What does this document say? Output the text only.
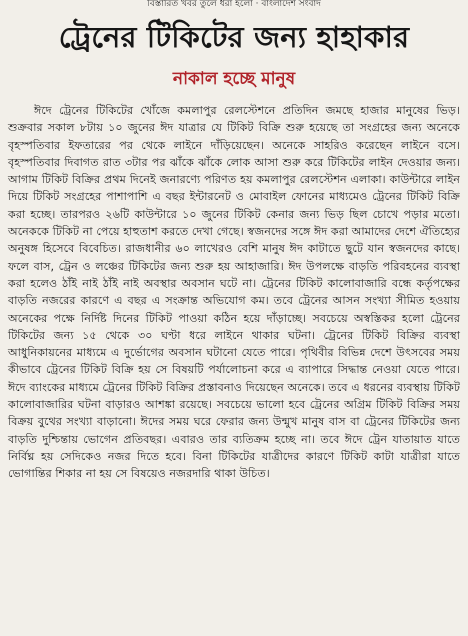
বিস্তারিত খবর তুলে ধরা হলো · বাংলাদেশ সংবাদ
ট্রেনের টিকিটের জন্য হাহাকার
নাকাল হচ্ছে মানুষ

ঈদে ট্রেনের টিকিটের খোঁজে কমলাপুর রেলস্টেশনে প্রতিদিন জমছে হাজার মানুষের ভিড়। শুক্রবার সকাল ৮টায় ১০ জুনের ঈদ যাত্রার যে টিকিট বিক্রি শুরু হয়েছে তা সংগ্রহের জন্য অনেকে বৃহস্পতিবার ইফতারের পর থেকে লাইনে দাঁড়িয়েছেন। অনেকে সাহরিও করেছেন লাইনে বসে। বৃহস্পতিবার দিবাগত রাত ৩টার পর ঝাঁকে ঝাঁকে লোক আসা শুরু করে টিকিটের লাইন দেওয়ার জন্য। আগাম টিকিট বিক্রির প্রথম দিনেই জনারণ্যে পরিণত হয় কমলাপুর রেলস্টেশন এলাকা। কাউন্টারে লাইন দিয়ে টিকিট সংগ্রহের পাশাপাশি এ বছর ইন্টারনেট ও মোবাইল ফোনের মাধ্যমেও ট্রেনের টিকিট বিক্রি করা হচ্ছে। তারপরও ২৬টি কাউন্টারে ১০ জুনের টিকিট কেনার জন্য ভিড় ছিল চোখে পড়ার মতো। অনেককে টিকিট না পেয়ে হাহুতাশ করতে দেখা গেছে। স্বজনদের সঙ্গে ঈদ করা আমাদের দেশে ঐতিহ্যের অনুষঙ্গ হিসেবে বিবেচিত। রাজধানীর ৬০ লাখেরও বেশি মানুষ ঈদ কাটাতে ছুটে যান স্বজনদের কাছে। ফলে বাস, ট্রেন ও লঞ্চের টিকিটের জন্য শুরু হয় আহাজারি। ঈদ উপলক্ষে বাড়তি পরিবহনের ব্যবস্থা করা হলেও ঠাঁই নাই ঠাঁই নাই অবস্থার অবসান ঘটে না। ট্রেনের টিকিট কালোবাজারি বন্ধে কর্তৃপক্ষের বাড়তি নজরের কারণে এ বছর এ সংক্রান্ত অভিযোগ কম। তবে ট্রেনের আসন সংখ্যা সীমিত হওয়ায় অনেকের পক্ষে নির্দিষ্ট দিনের টিকিট পাওয়া কঠিন হয়ে দাঁড়াচ্ছে। সবচেয়ে অস্বস্তিকর হলো ট্রেনের টিকিটের জন্য ১৫ থেকে ৩০ ঘণ্টা ধরে লাইনে থাকার ঘটনা। ট্রেনের টিকিট বিক্রির ব্যবস্থা আধুনিকায়নের মাধ্যমে এ দুর্ভোগের অবসান ঘটানো যেতে পারে। পৃথিবীর বিভিন্ন দেশে উৎসবের সময় কীভাবে ট্রেনের টিকিট বিক্রি হয় সে বিষয়টি পর্যালোচনা করে এ ব্যাপারে সিদ্ধান্ত নেওয়া যেতে পারে। ঈদে ব্যাংকের মাধ্যমে ট্রেনের টিকিট বিক্রির প্রস্তাবনাও দিয়েছেন অনেকে। তবে এ ধরনের ব্যবস্থায় টিকিট কালোবাজারির ঘটনা বাড়ারও আশঙ্কা রয়েছে। সবচেয়ে ভালো হবে ট্রেনের অগ্রিম টিকিট বিক্রির সময় বিক্রয় বুথের সংখ্যা বাড়ানো। ঈদের সময় ঘরে ফেরার জন্য উন্মুখ মানুষ বাস বা ট্রেনের টিকিটের জন্য বাড়তি দুশ্চিন্তায় ভোগেন প্রতিবছর। এবারও তার ব্যতিক্রম হচ্ছে না। তবে ঈদে ট্রেন যাতায়াত যাতে নির্বিঘ্ন হয় সেদিকেও নজর দিতে হবে। বিনা টিকিটের যাত্রীদের কারণে টিকিট কাটা যাত্রীরা যাতে ভোগান্তির শিকার না হয় সে বিষয়েও নজরদারি থাকা উচিত।
